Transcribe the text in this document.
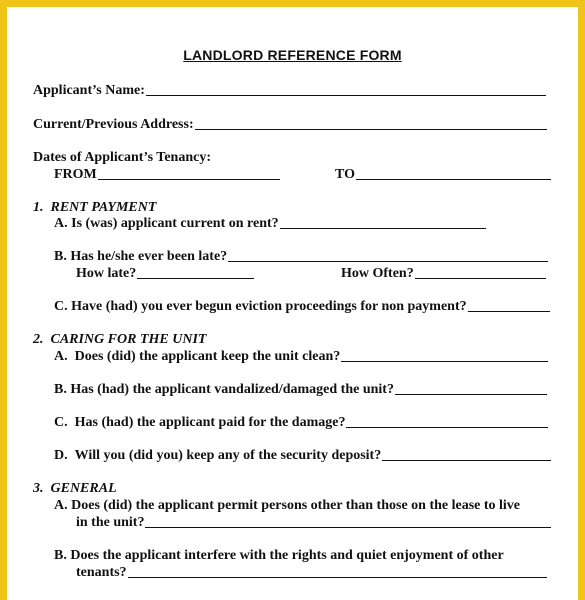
LANDLORD REFERENCE FORM
Applicant’s Name:
Current/Previous Address:
Dates of Applicant’s Tenancy:
FROM	TO
1.
RENT PAYMENT
A.
Is (was) applicant current on rent?
B.
Has he/she ever been late?
How late?	How Often?
C.
Have (had) you ever begun eviction proceedings for non payment?
2.
CARING FOR THE UNIT
A.
Does (did) the applicant keep the unit clean?
B.
Has (had) the applicant vandalized/damaged the unit?
C.
Has (had) the applicant paid for the damage?
D.
Will you (did you) keep any of the security deposit?
3.
GENERAL
A.
Does (did) the applicant permit persons other than those on the lease to live
in the unit?
B.
Does the applicant interfere with the rights and quiet enjoyment of other
tenants?
